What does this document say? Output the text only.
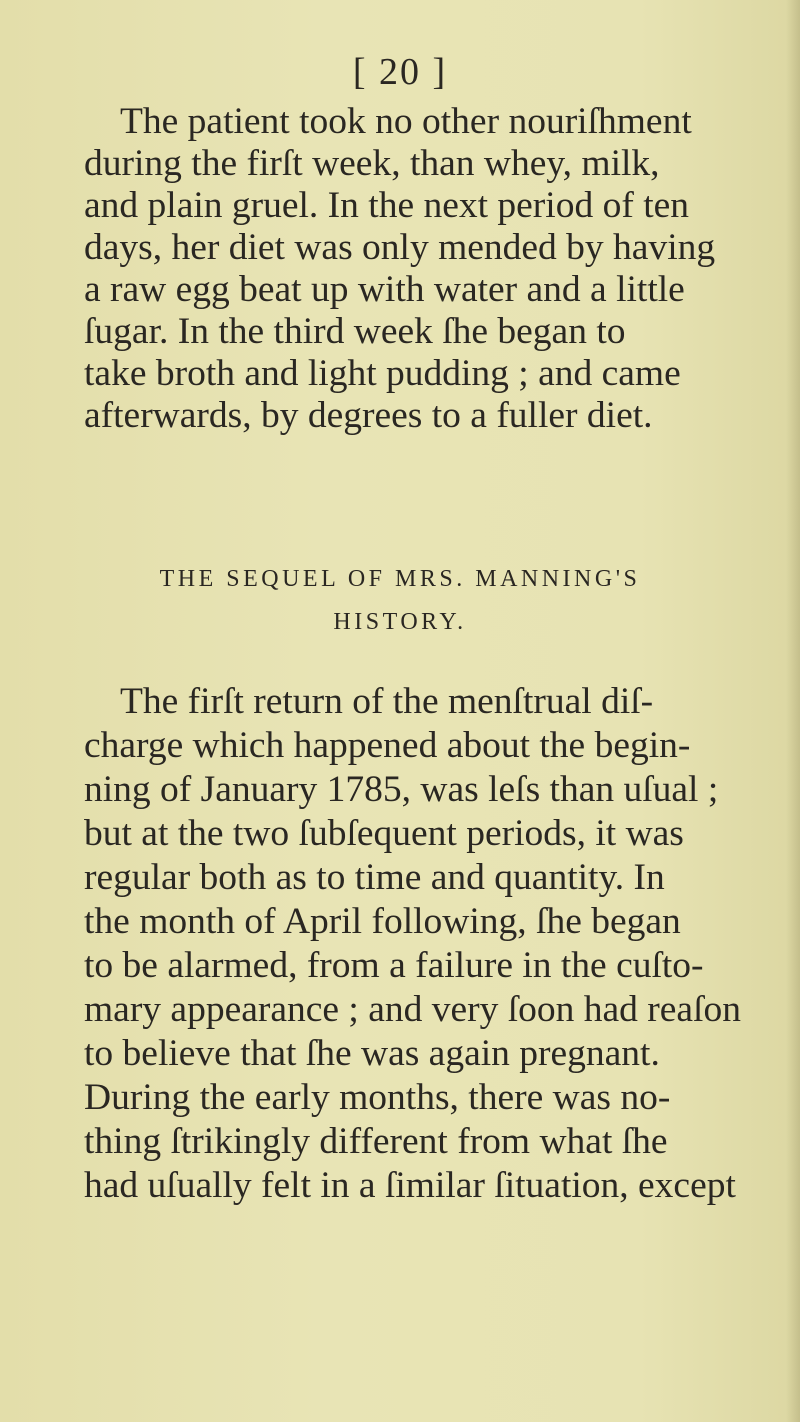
[ 20 ]
The patient took no other nouriſhment
during the firſt week, than whey, milk,
and plain gruel. In the next period of ten
days, her diet was only mended by having
a raw egg beat up with water and a little
ſugar. In the third week ſhe began to
take broth and light pudding ; and came
afterwards, by degrees to a fuller diet.
THE SEQUEL OF MRS. MANNING'S
HISTORY.
The firſt return of the menſtrual diſ-
charge which happened about the begin-
ning of January 1785, was leſs than uſual ;
but at the two ſubſequent periods, it was
regular both as to time and quantity. In
the month of April following, ſhe began
to be alarmed, from a failure in the cuſto-
mary appearance ; and very ſoon had reaſon
to believe that ſhe was again pregnant.
During the early months, there was no-
thing ſtrikingly different from what ſhe
had uſually felt in a ſimilar ſituation, except
